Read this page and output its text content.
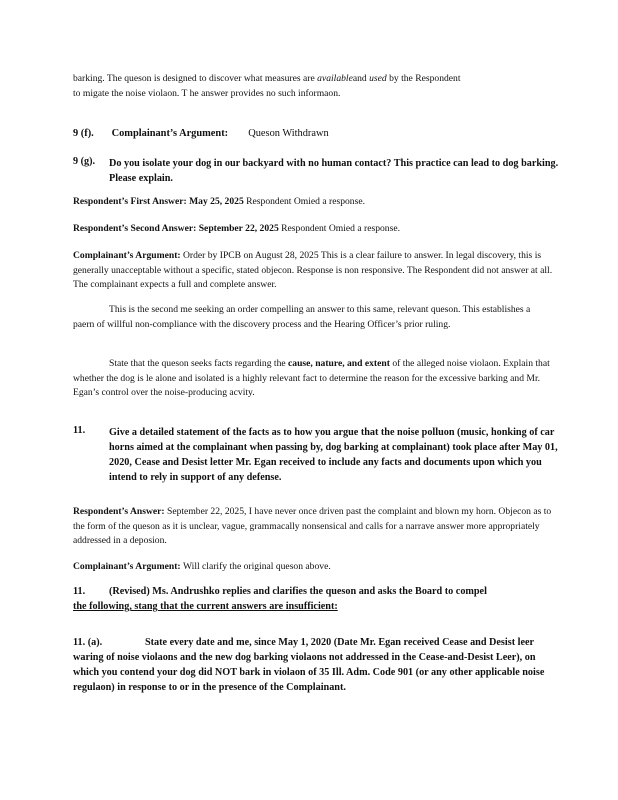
barking. The queson is designed to discover what measures are availableand used by the Respondent
to migate the noise violaon. T he answer provides no such informaon.
9 (f). Complainant’s Argument: Queson Withdrawn
9 (g). Do you isolate your dog in our backyard with no human contact? This practice can lead to dog barking. Please explain.
Respondent’s First Answer: May 25, 2025 Respondent Omied a response.
Respondent’s Second Answer: September 22, 2025 Respondent Omied a response.
Complainant’s Argument: Order by IPCB on August 28, 2025 This is a clear failure to answer. In legal discovery, this is generally unacceptable without a specific, stated objecon. Response is non responsive. The Respondent did not answer at all. The complainant expects a full and complete answer.
This is the second me seeking an order compelling an answer to this same, relevant queson. This establishes a paern of willful non-compliance with the discovery process and the Hearing Officer’s prior ruling.
State that the queson seeks facts regarding the cause, nature, and extent of the alleged noise violaon. Explain that whether the dog is le alone and isolated is a highly relevant fact to determine the reason for the excessive barking and Mr. Egan’s control over the noise-producing acvity.
11. Give a detailed statement of the facts as to how you argue that the noise polluon (music, honking of car horns aimed at the complainant when passing by, dog barking at complainant) took place after May 01, 2020, Cease and Desist letter Mr. Egan received to include any facts and documents upon which you intend to rely in support of any defense.
Respondent’s Answer: September 22, 2025, I have never once driven past the complaint and blown my horn. Objecon as to the form of the queson as it is unclear, vague, grammacally nonsensical and calls for a narrave answer more appropriately addressed in a deposion.
Complainant’s Argument: Will clarify the original queson above.
11. (Revised) Ms. Andrushko replies and clarifies the queson and asks the Board to compel
the following, stang that the current answers are insufficient:
11. (a).	State every date and me, since May 1, 2020 (Date Mr. Egan received Cease and Desist leer waring of noise violaons and the new dog barking violaons not addressed in the Cease-and-Desist Leer), on which you contend your dog did NOT bark in violaon of 35 Ill. Adm. Code 901 (or any other applicable noise regulaon) in response to or in the presence of the Complainant.
